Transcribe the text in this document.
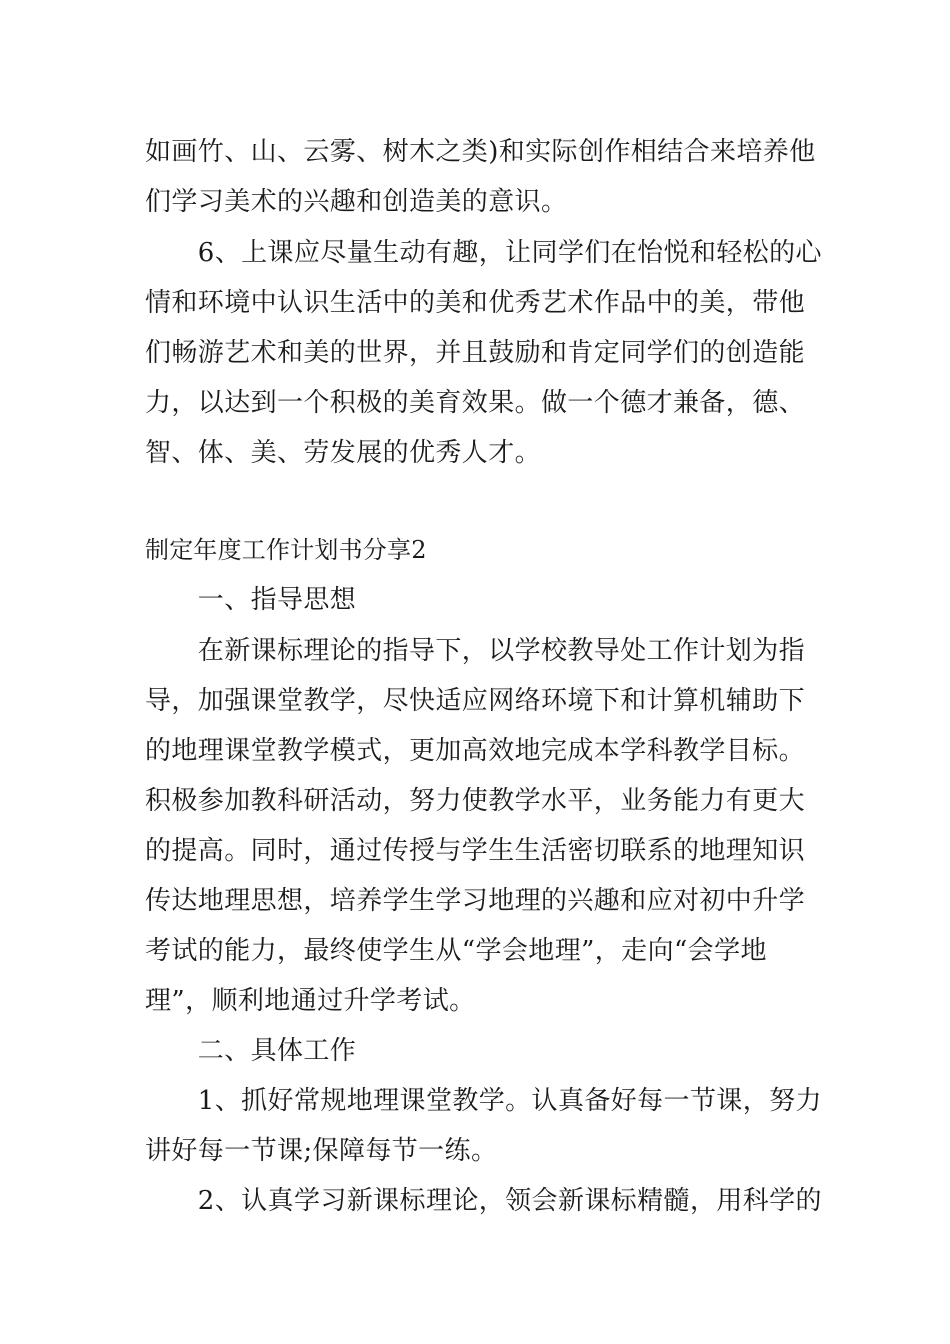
如画竹、山、云雾、树木之类)和实际创作相结合来培养他
们学习美术的兴趣和创造美的意识。
　　6、上课应尽量生动有趣，让同学们在怡悦和轻松的心
情和环境中认识生活中的美和优秀艺术作品中的美，带他
们畅游艺术和美的世界，并且鼓励和肯定同学们的创造能
力，以达到一个积极的美育效果。做一个德才兼备，德、
智、体、美、劳发展的优秀人才。
制定年度工作计划书分享2
　　一、指导思想
　　在新课标理论的指导下，以学校教导处工作计划为指
导，加强课堂教学，尽快适应网络环境下和计算机辅助下
的地理课堂教学模式，更加高效地完成本学科教学目标。
积极参加教科研活动，努力使教学水平，业务能力有更大
的提高。同时，通过传授与学生生活密切联系的地理知识
传达地理思想，培养学生学习地理的兴趣和应对初中升学
考试的能力，最终使学生从“学会地理”，走向“会学地
理”，顺利地通过升学考试。
　　二、具体工作
　　1、抓好常规地理课堂教学。认真备好每一节课，努力
讲好每一节课;保障每节一练。
　　2、认真学习新课标理论，领会新课标精髓，用科学的
